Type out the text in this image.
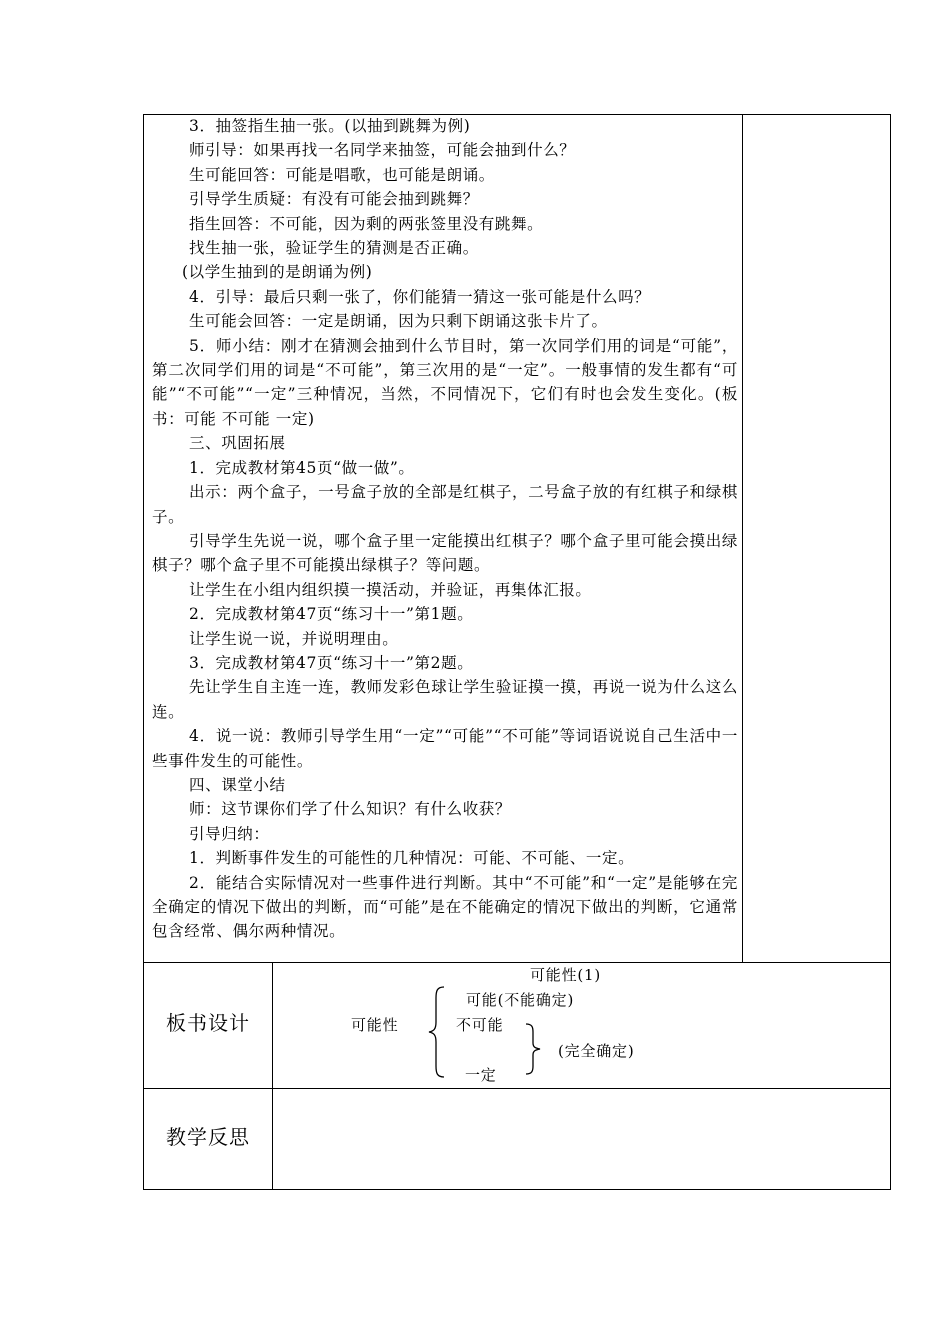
3．抽签指生抽一张。(以抽到跳舞为例)

师引导：如果再找一名同学来抽签，可能会抽到什么？

生可能回答：可能是唱歌，也可能是朗诵。

引导学生质疑：有没有可能会抽到跳舞？

指生回答：不可能，因为剩的两张签里没有跳舞。

找生抽一张，验证学生的猜测是否正确。

(以学生抽到的是朗诵为例)

4．引导：最后只剩一张了，你们能猜一猜这一张可能是什么吗？

生可能会回答：一定是朗诵，因为只剩下朗诵这张卡片了。

5．师小结：刚才在猜测会抽到什么节目时，第一次同学们用的词是“可能”，第二次同学们用的词是“不可能”，第三次用的是“一定”。一般事情的发生都有“可能”“不可能”“一定”三种情况，当然，不同情况下，它们有时也会发生变化。(板书：可能 不可能 一定)

三、巩固拓展

1．完成教材第45页“做一做”。

出示：两个盒子，一号盒子放的全部是红棋子，二号盒子放的有红棋子和绿棋子。

引导学生先说一说，哪个盒子里一定能摸出红棋子？哪个盒子里可能会摸出绿棋子？哪个盒子里不可能摸出绿棋子？等问题。

让学生在小组内组织摸一摸活动，并验证，再集体汇报。

2．完成教材第47页“练习十一”第1题。

让学生说一说，并说明理由。

3．完成教材第47页“练习十一”第2题。

先让学生自主连一连，教师发彩色球让学生验证摸一摸，再说一说为什么这么连。

4．说一说：教师引导学生用“一定”“可能”“不可能”等词语说说自己生活中一些事件发生的可能性。

四、课堂小结

师：这节课你们学了什么知识？有什么收获？

引导归纳：

1．判断事件发生的可能性的几种情况：可能、不可能、一定。

2．能结合实际情况对一些事件进行判断。其中“不可能”和“一定”是能够在完全确定的情况下做出的判断，而“可能”是在不能确定的情况下做出的判断，它通常包含经常、偶尔两种情况。

板书设计
可能性(1)
可能性
可能(不能确定)
不可能
一定
(完全确定)
教学反思
